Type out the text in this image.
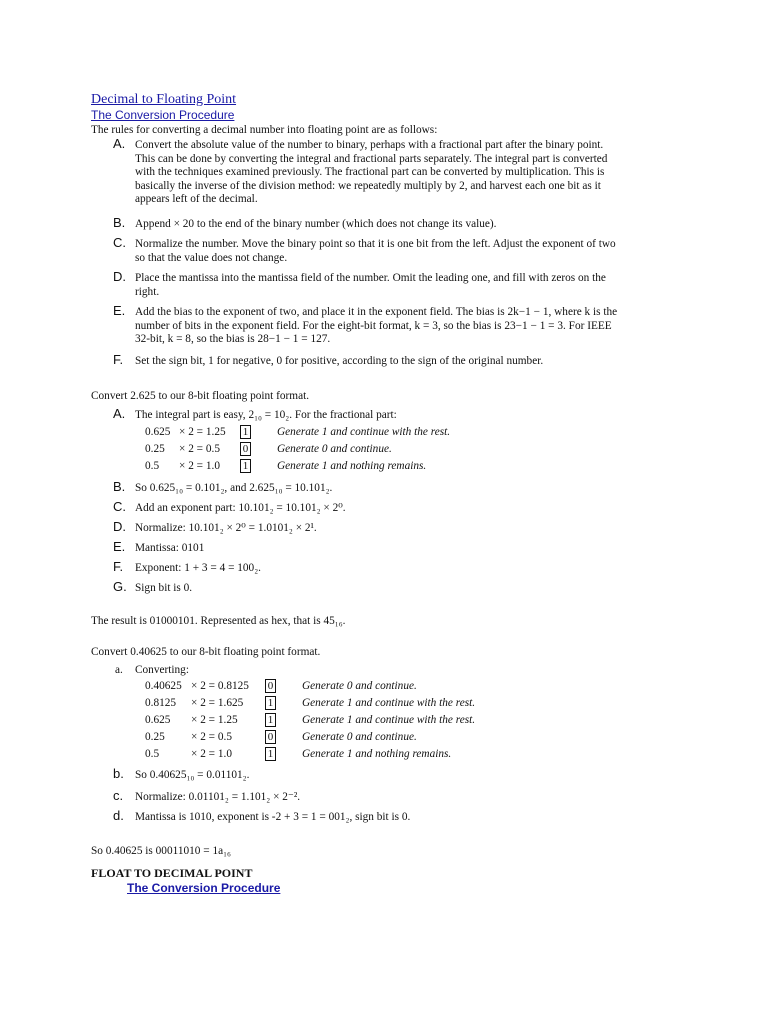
Decimal to Floating Point
The Conversion Procedure
The rules for converting a decimal number into floating point are as follows:
A. Convert the absolute value of the number to binary, perhaps with a fractional part after the binary point.
This can be done by converting the integral and fractional parts separately. The integral part is converted
with the techniques examined previously. The fractional part can be converted by multiplication. This is
basically the inverse of the division method: we repeatedly multiply by 2, and harvest each one bit as it
appears left of the decimal.
B. Append × 20 to the end of the binary number (which does not change its value).
C. Normalize the number. Move the binary point so that it is one bit from the left. Adjust the exponent of two
so that the value does not change.
D. Place the mantissa into the mantissa field of the number. Omit the leading one, and fill with zeros on the
right.
E. Add the bias to the exponent of two, and place it in the exponent field. The bias is 2k−1 − 1, where k is the
number of bits in the exponent field. For the eight-bit format, k = 3, so the bias is 23−1 − 1 = 3. For IEEE
32-bit, k = 8, so the bias is 28−1 − 1 = 127.
F.	Set the sign bit, 1 for negative, 0 for positive, according to the sign of the original number.
Convert 2.625 to our 8-bit floating point format.
A. The integral part is easy, 2₁₀ = 10₂. For the fractional part:
0.625 × 2 = 1.25 1	Generate 1 and continue with the rest.
0.25 × 2 = 0.5 0	Generate 0 and continue.
0.5 × 2 = 1.0 1	Generate 1 and nothing remains.
B. So 0.625₁₀ = 0.101₂, and 2.625₁₀ = 10.101₂.
C. Add an exponent part: 10.101₂ = 10.101₂ × 2⁰.
D. Normalize: 10.101₂ × 2⁰ = 1.0101₂ × 2¹.
E. Mantissa: 0101
F.	Exponent: 1 + 3 = 4 = 100₂.
G. Sign bit is 0.
The result is 01000101. Represented as hex, that is 45₁₆.
Convert 0.40625 to our 8-bit floating point format.
a. Converting:
0.40625 × 2 = 0.8125 0	Generate 0 and continue.
0.8125 × 2 = 1.625 1	Generate 1 and continue with the rest.
0.625 × 2 = 1.25	1	Generate 1 and continue with the rest.
0.25 × 2 = 0.5	0	Generate 0 and continue.
0.5	× 2 = 1.0	1	Generate 1 and nothing remains.
b. So 0.40625₁₀ = 0.01101₂.
c.	Normalize: 0.01101₂ = 1.101₂ × 2⁻².
d. Mantissa is 1010, exponent is -2 + 3 = 1 = 001₂, sign bit is 0.
So 0.40625 is 00011010 = 1a₁₆
FLOAT TO DECIMAL POINT
The Conversion Procedure
